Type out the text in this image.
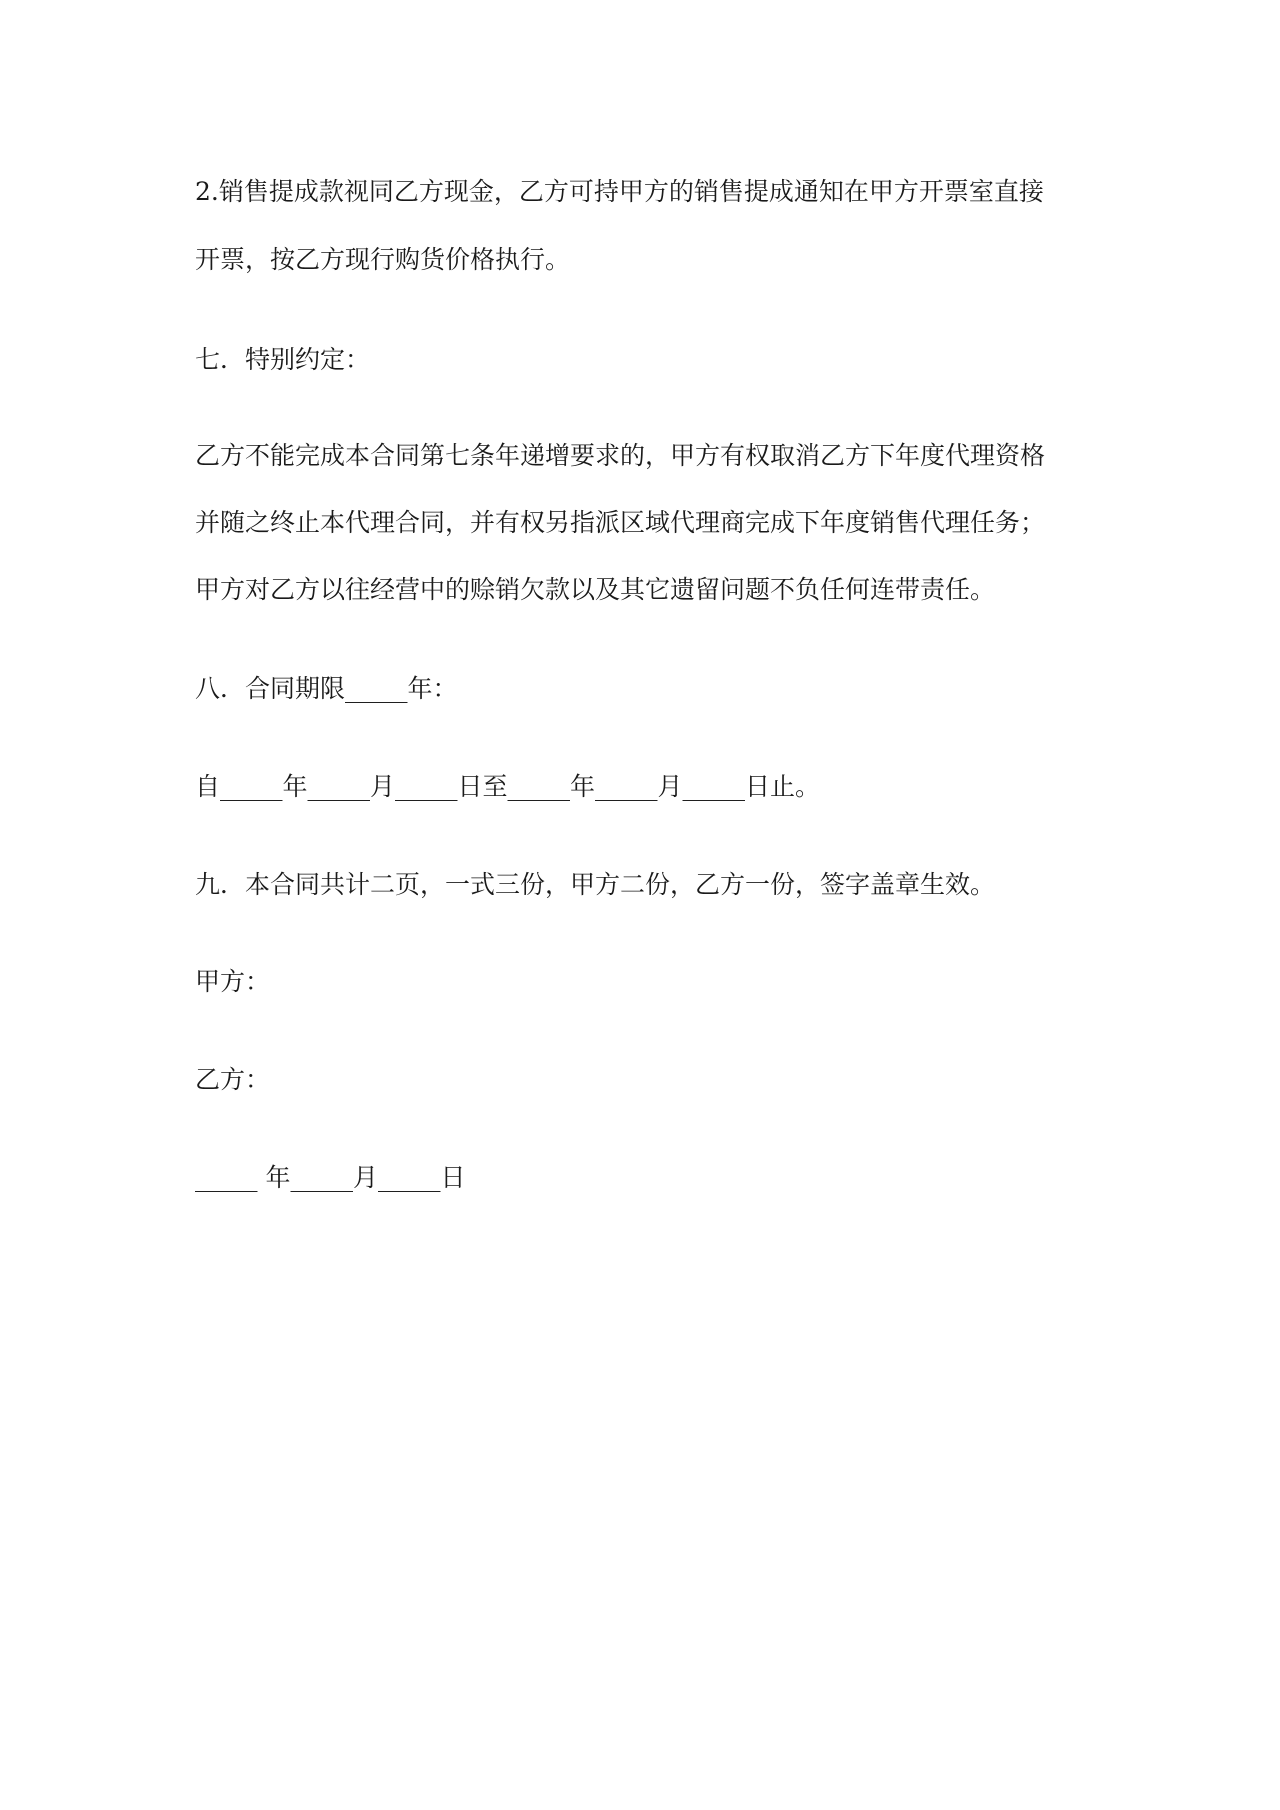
2.销售提成款视同乙方现金，乙方可持甲方的销售提成通知在甲方开票室直接

开票，按乙方现行购货价格执行。

七．特别约定：

乙方不能完成本合同第七条年递增要求的，甲方有权取消乙方下年度代理资格

并随之终止本代理合同，并有权另指派区域代理商完成下年度销售代理任务；

甲方对乙方以往经营中的赊销欠款以及其它遗留问题不负任何连带责任。

八．合同期限_____年：

自_____年_____月_____日至_____年_____月_____日止。

九．本合同共计二页，一式三份，甲方二份，乙方一份，签字盖章生效。

甲方：

乙方：

_____ 年_____月_____日
